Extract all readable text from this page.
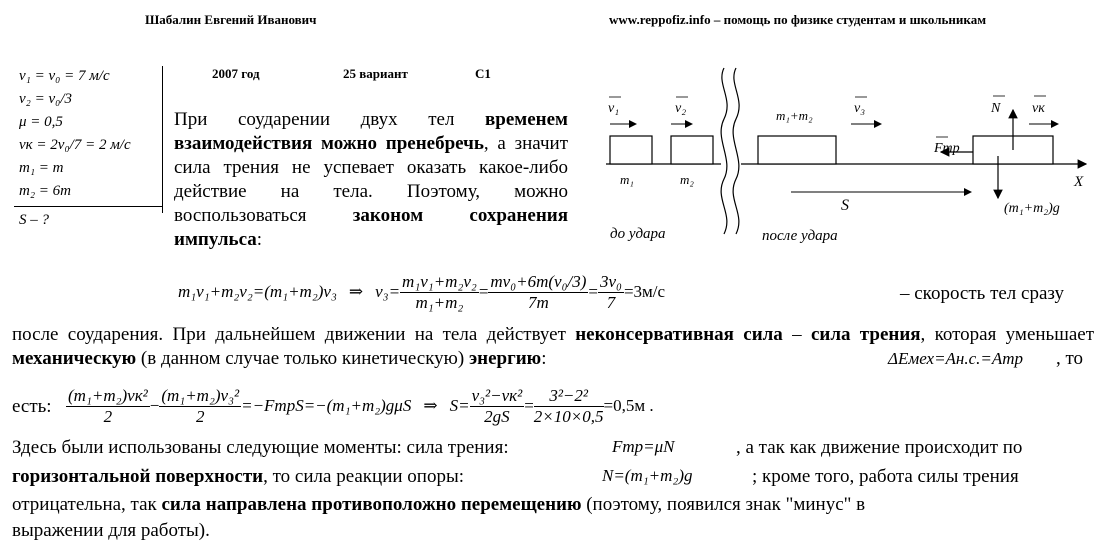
Шабалин Евгений Иванович	www.reppofiz.info – помощь по физике студентам и школьникам
v₁ = v₀ = 7 м/с
v₂ = v₀/3
μ = 0,5
vк = 2v₀/7 = 2 м/с
m₁ = m
m₂ = 6m
S – ?
2007 год	25 вариант	C1
При соударении двух тел временем взаимодействия можно пренебречь, а значит сила трения не успевает оказать какое-либо действие на тела. Поэтому, можно воспользоваться законом сохранения импульса:
v₁	v₂	m₁+m₂	v₃	N vк
Fтр
m₁	m₂	X
S	(m₁+m₂)g
до удара	после удара
m₁v₁+m₂v₂=(m₁+m₂)v₃ ⇒ $v_3= \frac{\text{m₁v₁+m₂v₂}}{\text{m₁+m₂}} = \frac{\text{mv₀+6m(v₀/3)}}{7m} = \frac{\text{3v₀}}{7} =3м/с$	– скорость тел сразу
после соударения. При дальнейшем движении на тела действует неконсервативная сила – сила трения, которая уменьшает механическую (в данном случае только кинетическую) энергию:	ΔEмех=Aн.с.=Aтр , то
есть: $\frac{\text{(m₁+m₂)vк²}}{2} - \frac{\text{(m₁+m₂)v₃²}}{2}$ =−FтрS=−(m₁+m₂)gμS ⇒ $S= \frac{\text{v₃²−vк²}}{2gS} = \frac{\text{3²−2²}}{2\times 10\times 0,5} =0,5м$ .
Здесь были использованы следующие моменты: сила трения:	Fтр=μN	, а так как движение происходит по
горизонтальной поверхности, то сила реакции опоры:	N=(m₁+m₂)g	; кроме того, работа силы трения
отрицательна, так сила направлена противоположно перемещению (поэтому, появился знак "минус" в
выражении для работы).
